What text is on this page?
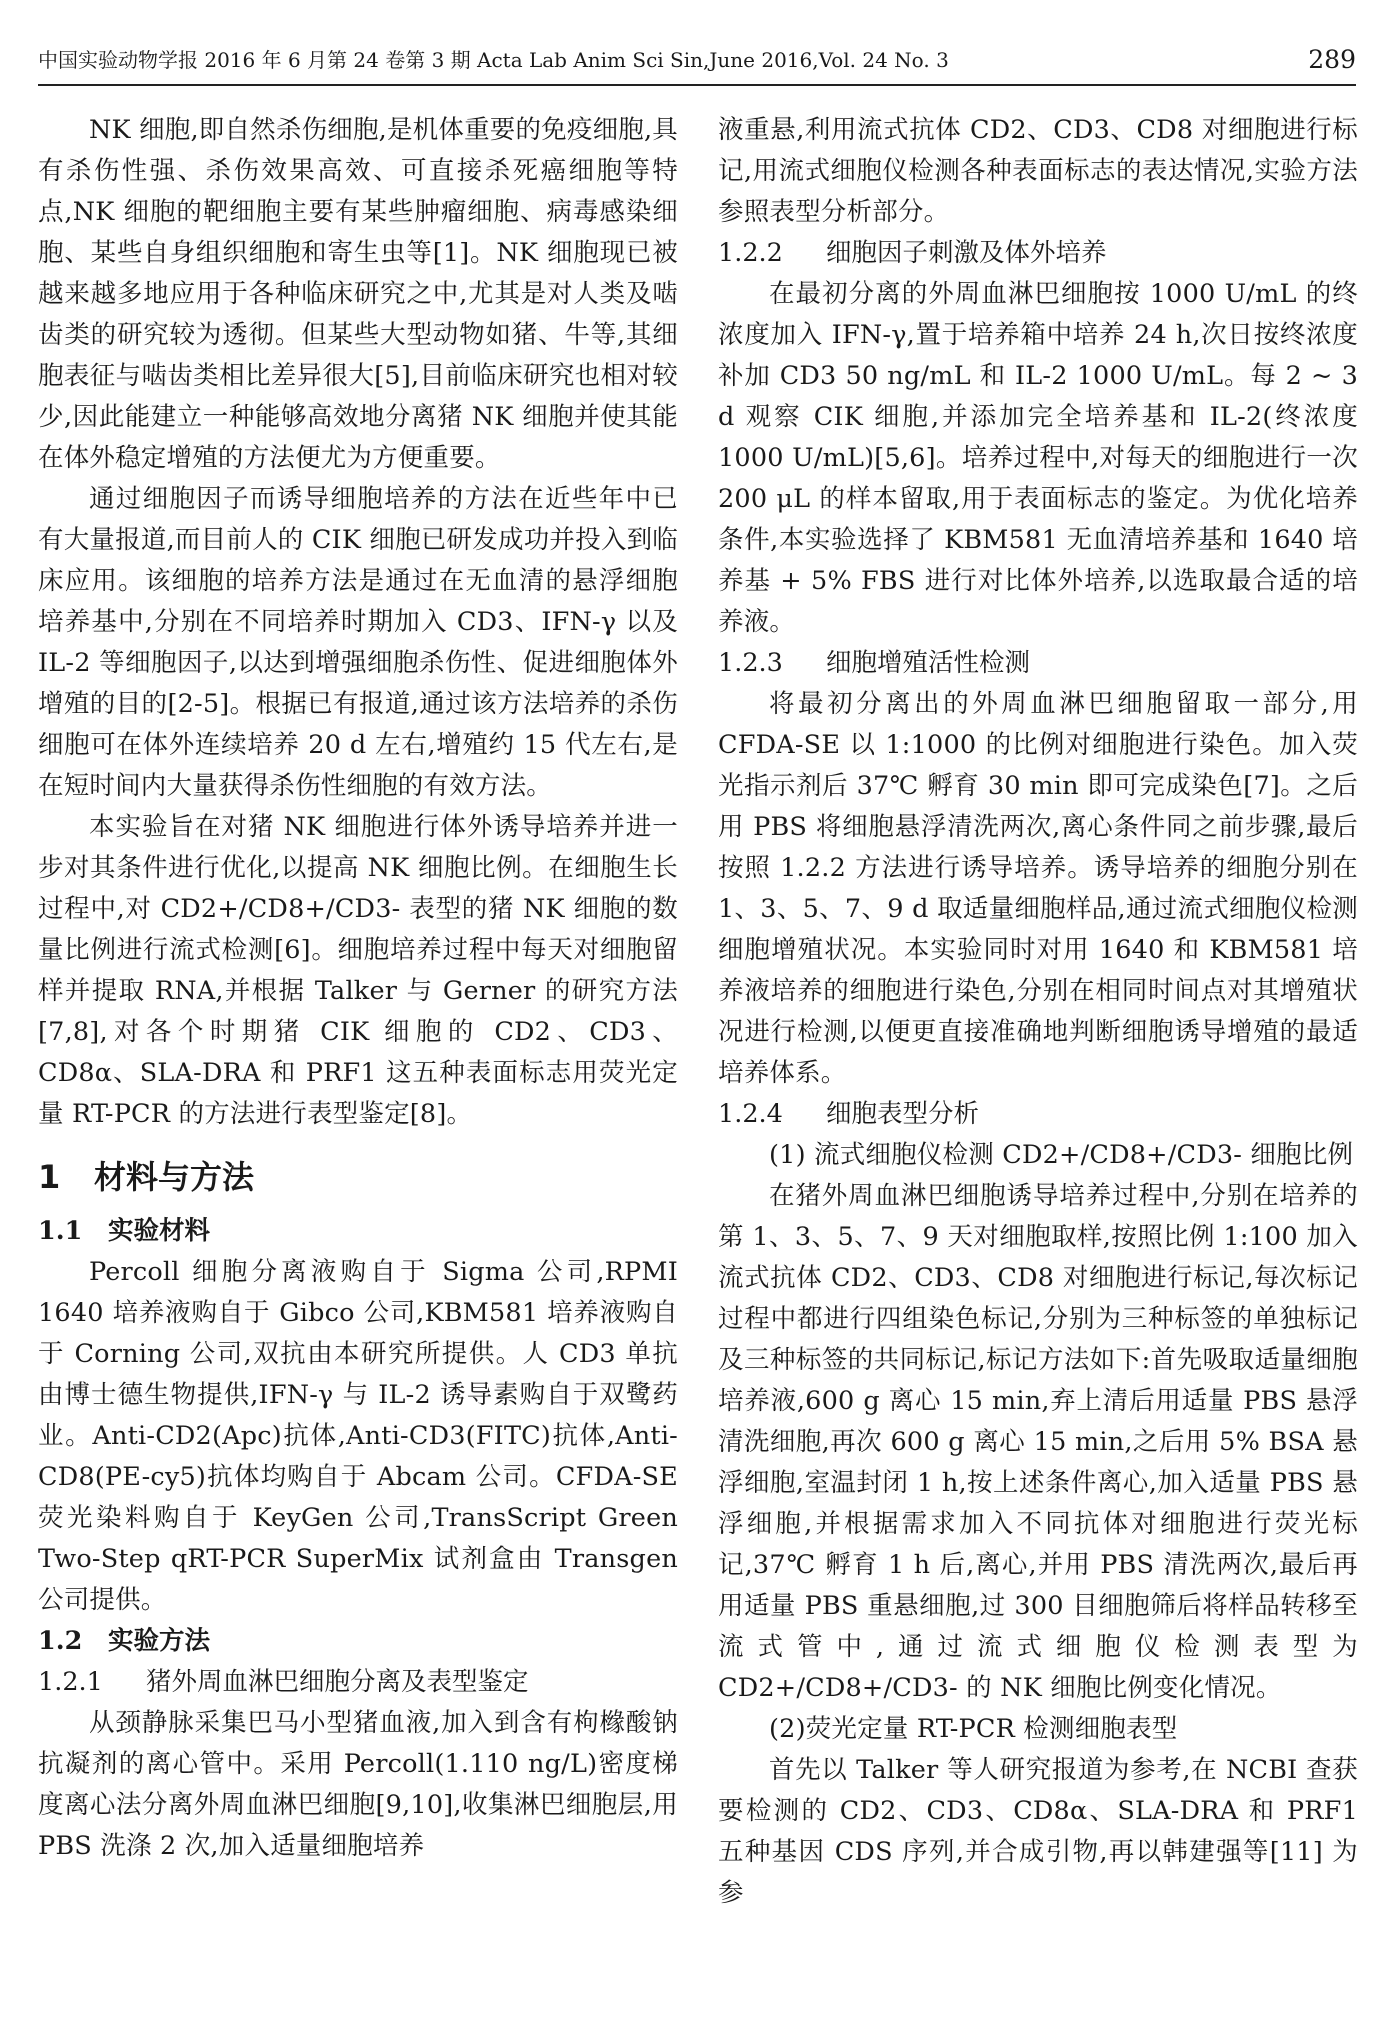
中国实验动物学报 2016 年 6 月第 24 卷第 3 期 Acta Lab Anim Sci Sin,June 2016,Vol. 24 No. 3	289

NK 细胞,即自然杀伤细胞,是机体重要的免疫细胞,具有杀伤性强、杀伤效果高效、可直接杀死癌细胞等特点,NK 细胞的靶细胞主要有某些肿瘤细胞、病毒感染细胞、某些自身组织细胞和寄生虫等[1]。NK 细胞现已被越来越多地应用于各种临床研究之中,尤其是对人类及啮齿类的研究较为透彻。但某些大型动物如猪、牛等,其细胞表征与啮齿类相比差异很大[5],目前临床研究也相对较少,因此能建立一种能够高效地分离猪 NK 细胞并使其能在体外稳定增殖的方法便尤为方便重要。

通过细胞因子而诱导细胞培养的方法在近些年中已有大量报道,而目前人的 CIK 细胞已研发成功并投入到临床应用。该细胞的培养方法是通过在无血清的悬浮细胞培养基中,分别在不同培养时期加入 CD3、IFN-γ 以及 IL-2 等细胞因子,以达到增强细胞杀伤性、促进细胞体外增殖的目的[2-5]。根据已有报道,通过该方法培养的杀伤细胞可在体外连续培养 20 d 左右,增殖约 15 代左右,是在短时间内大量获得杀伤性细胞的有效方法。

本实验旨在对猪 NK 细胞进行体外诱导培养并进一步对其条件进行优化,以提高 NK 细胞比例。在细胞生长过程中,对 CD2+/CD8+/CD3- 表型的猪 NK 细胞的数量比例进行流式检测[6]。细胞培养过程中每天对细胞留样并提取 RNA,并根据 Talker 与 Gerner 的研究方法[7,8],对各个时期猪 CIK 细胞的 CD2、CD3、CD8α、SLA-DRA 和 PRF1 这五种表面标志用荧光定量 RT-PCR 的方法进行表型鉴定[8]。

1 材料与方法
1.1 实验材料

Percoll 细胞分离液购自于 Sigma 公司,RPMI 1640 培养液购自于 Gibco 公司,KBM581 培养液购自于 Corning 公司,双抗由本研究所提供。人 CD3 单抗由博士德生物提供,IFN-γ 与 IL-2 诱导素购自于双鹭药业。Anti-CD2(Apc)抗体,Anti-CD3(FITC)抗体,Anti-CD8(PE-cy5)抗体均购自于 Abcam 公司。CFDA-SE 荧光染料购自于 KeyGen 公司,TransScript Green Two-Step qRT-PCR SuperMix 试剂盒由 Transgen 公司提供。

1.2 实验方法
1.2.1 猪外周血淋巴细胞分离及表型鉴定

从颈静脉采集巴马小型猪血液,加入到含有枸橼酸钠抗凝剂的离心管中。采用 Percoll(1.110 ng/L)密度梯度离心法分离外周血淋巴细胞[9,10],收集淋巴细胞层,用 PBS 洗涤 2 次,加入适量细胞培养

液重悬,利用流式抗体 CD2、CD3、CD8 对细胞进行标记,用流式细胞仪检测各种表面标志的表达情况,实验方法参照表型分析部分。

1.2.2 细胞因子刺激及体外培养

在最初分离的外周血淋巴细胞按 1000 U/mL 的终浓度加入 IFN-γ,置于培养箱中培养 24 h,次日按终浓度补加 CD3 50 ng/mL 和 IL-2 1000 U/mL。每 2 ~ 3 d 观察 CIK 细胞,并添加完全培养基和 IL-2(终浓度 1000 U/mL)[5,6]。培养过程中,对每天的细胞进行一次 200 μL 的样本留取,用于表面标志的鉴定。为优化培养条件,本实验选择了 KBM581 无血清培养基和 1640 培养基 + 5% FBS 进行对比体外培养,以选取最合适的培养液。

1.2.3 细胞增殖活性检测

将最初分离出的外周血淋巴细胞留取一部分,用 CFDA-SE 以 1:1000 的比例对细胞进行染色。加入荧光指示剂后 37℃ 孵育 30 min 即可完成染色[7]。之后用 PBS 将细胞悬浮清洗两次,离心条件同之前步骤,最后按照 1.2.2 方法进行诱导培养。诱导培养的细胞分别在 1、3、5、7、9 d 取适量细胞样品,通过流式细胞仪检测细胞增殖状况。本实验同时对用 1640 和 KBM581 培养液培养的细胞进行染色,分别在相同时间点对其增殖状况进行检测,以便更直接准确地判断细胞诱导增殖的最适培养体系。

1.2.4 细胞表型分析

(1) 流式细胞仪检测 CD2+/CD8+/CD3- 细胞比例

在猪外周血淋巴细胞诱导培养过程中,分别在培养的第 1、3、5、7、9 天对细胞取样,按照比例 1:100 加入流式抗体 CD2、CD3、CD8 对细胞进行标记,每次标记过程中都进行四组染色标记,分别为三种标签的单独标记及三种标签的共同标记,标记方法如下:首先吸取适量细胞培养液,600 g 离心 15 min,弃上清后用适量 PBS 悬浮清洗细胞,再次 600 g 离心 15 min,之后用 5% BSA 悬浮细胞,室温封闭 1 h,按上述条件离心,加入适量 PBS 悬浮细胞,并根据需求加入不同抗体对细胞进行荧光标记,37℃ 孵育 1 h 后,离心,并用 PBS 清洗两次,最后再用适量 PBS 重悬细胞,过 300 目细胞筛后将样品转移至流式管中,通过流式细胞仪检测表型为 CD2+/CD8+/CD3- 的 NK 细胞比例变化情况。

(2)荧光定量 RT-PCR 检测细胞表型

首先以 Talker 等人研究报道为参考,在 NCBI 查获要检测的 CD2、CD3、CD8α、SLA-DRA 和 PRF1 五种基因 CDS 序列,并合成引物,再以韩建强等[11] 为参
